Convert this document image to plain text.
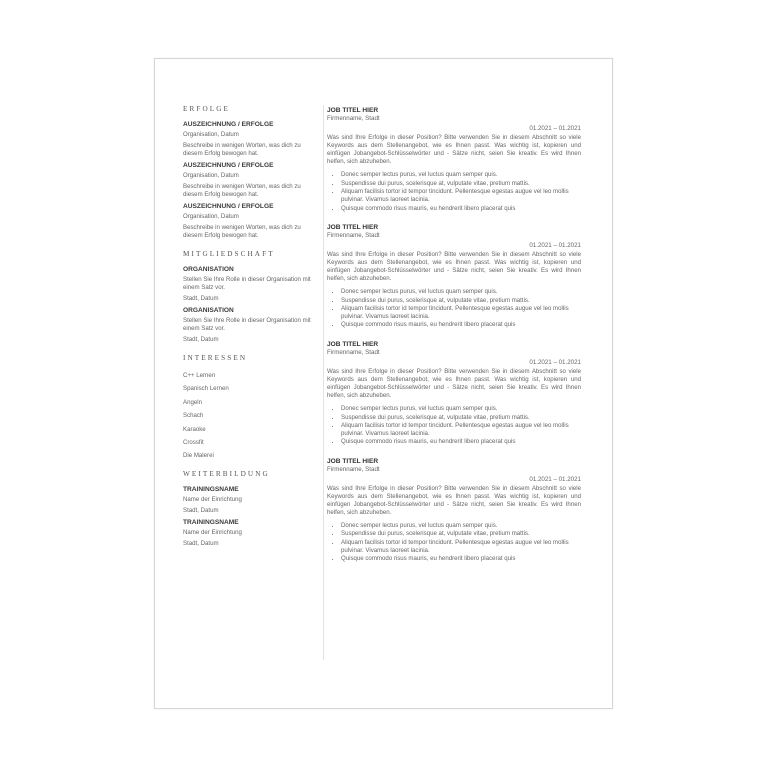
ERFOLGE
AUSZEICHNUNG / ERFOLGE
Organisation, Datum
Beschreibe in wenigen Worten, was dich zu diesem Erfolg bewogen hat.
AUSZEICHNUNG / ERFOLGE
Organisation, Datum
Beschreibe in wenigen Worten, was dich zu diesem Erfolg bewogen hat.
AUSZEICHNUNG / ERFOLGE
Organisation, Datum
Beschreibe in wenigen Worten, was dich zu diesem Erfolg bewogen hat.
MITGLIEDSCHAFT
ORGANISATION
Stellen Sie Ihre Rolle in dieser Organisation mit einem Satz vor.
Stadt, Datum
ORGANISATION
Stellen Sie Ihre Rolle in dieser Organisation mit einem Satz vor.
Stadt, Datum
INTERESSEN
C++ Lernen
Spanisch Lernen
Angeln
Schach
Karaoke
Crossfit
Die Malerei
WEITERBILDUNG
TRAININGSNAME
Name der Einrichtung
Stadt, Datum
TRAININGSNAME
Name der Einrichtung
Stadt, Datum
JOB TITEL HIER
Firmenname, Stadt
01.2021 – 01.2021
Was sind Ihre Erfolge in dieser Position? Bitte verwenden Sie in diesem Abschnitt so viele Keywords aus dem Stellenangebot, wie es Ihnen passt. Was wichtig ist, kopieren und einfügen Jobangebot-Schlüsselwörter und - Sätze nicht, seien Sie kreativ. Es wird Ihnen helfen, sich abzuheben.
• Donec semper lectus purus, vel luctus quam semper quis.
• Suspendisse dui purus, scelerisque at, vulputate vitae, pretium mattis.
• Aliquam facilisis tortor id tempor tincidunt. Pellentesque egestas augue vel leo mollis pulvinar. Vivamus laoreet lacinia.
• Quisque commodo risus mauris, eu hendrerit libero placerat quis
JOB TITEL HIER
Firmenname, Stadt
01.2021 – 01.2021
Was sind Ihre Erfolge in dieser Position? Bitte verwenden Sie in diesem Abschnitt so viele Keywords aus dem Stellenangebot, wie es Ihnen passt. Was wichtig ist, kopieren und einfügen Jobangebot-Schlüsselwörter und - Sätze nicht, seien Sie kreativ. Es wird Ihnen helfen, sich abzuheben.
• Donec semper lectus purus, vel luctus quam semper quis.
• Suspendisse dui purus, scelerisque at, vulputate vitae, pretium mattis.
• Aliquam facilisis tortor id tempor tincidunt. Pellentesque egestas augue vel leo mollis pulvinar. Vivamus laoreet lacinia.
• Quisque commodo risus mauris, eu hendrerit libero placerat quis
JOB TITEL HIER
Firmenname, Stadt
01.2021 – 01.2021
Was sind Ihre Erfolge in dieser Position? Bitte verwenden Sie in diesem Abschnitt so viele Keywords aus dem Stellenangebot, wie es Ihnen passt. Was wichtig ist, kopieren und einfügen Jobangebot-Schlüsselwörter und - Sätze nicht, seien Sie kreativ. Es wird Ihnen helfen, sich abzuheben.
• Donec semper lectus purus, vel luctus quam semper quis.
• Suspendisse dui purus, scelerisque at, vulputate vitae, pretium mattis.
• Aliquam facilisis tortor id tempor tincidunt. Pellentesque egestas augue vel leo mollis pulvinar. Vivamus laoreet lacinia.
• Quisque commodo risus mauris, eu hendrerit libero placerat quis
JOB TITEL HIER
Firmenname, Stadt
01.2021 – 01.2021
Was sind Ihre Erfolge in dieser Position? Bitte verwenden Sie in diesem Abschnitt so viele Keywords aus dem Stellenangebot, wie es Ihnen passt. Was wichtig ist, kopieren und einfügen Jobangebot-Schlüsselwörter und - Sätze nicht, seien Sie kreativ. Es wird Ihnen helfen, sich abzuheben.
• Donec semper lectus purus, vel luctus quam semper quis.
• Suspendisse dui purus, scelerisque at, vulputate vitae, pretium mattis.
• Aliquam facilisis tortor id tempor tincidunt. Pellentesque egestas augue vel leo mollis pulvinar. Vivamus laoreet lacinia.
• Quisque commodo risus mauris, eu hendrerit libero placerat quis
